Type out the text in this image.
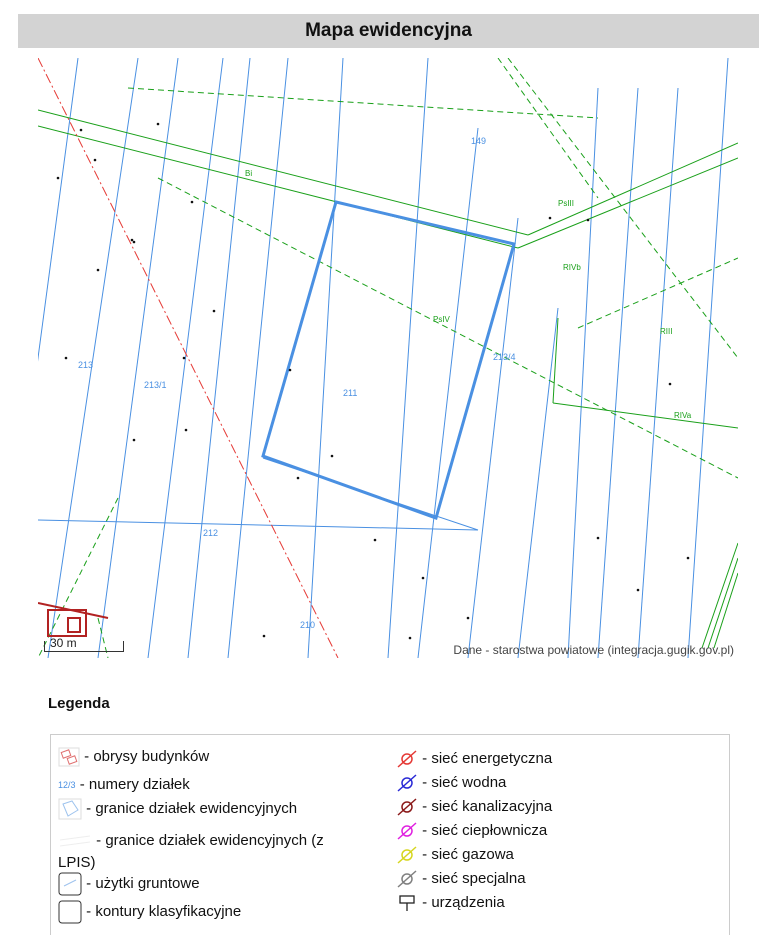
Mapa ewidencyjna
149
211
212
213
210
213/4
213/1
Bi
PsIV
PsIII
RIVb
RIII
RIVa
30 m	Dane - starostwa powiatowe (integracja.gugik.gov.pl)
Legenda
- obrysy budynków
$^{12/3}$ - numery działek
- granice działek ewidencyjnych
- granice działek ewidencyjnych (z LPIS)
- użytki gruntowe
- kontury klasyfikacyjne
- sieć energetyczna
- sieć wodna
- sieć kanalizacyjna
- sieć ciepłownicza
- sieć gazowa
- sieć specjalna
- urządzenia
